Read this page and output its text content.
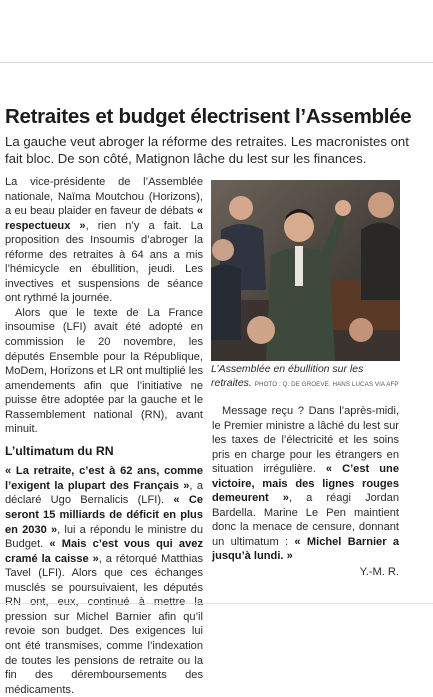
Retraites et budget électrisent l’Assemblée

La gauche veut abroger la réforme des retraites. Les macronistes ont fait bloc. De son côté, Matignon lâche du lest sur les finances.

La vice-présidente de l’Assemblée nationale, Naïma Moutchou (Horizons), a eu beau plaider en faveur de débats « respectueux », rien n’y a fait. La proposition des Insoumis d’abroger la réforme des retraites à 64 ans a mis l’hémicycle en ébullition, jeudi. Les invectives et suspensions de séance ont rythmé la journée.

Alors que le texte de La France insoumise (LFI) avait été adopté en commission le 20 novembre, les députés Ensemble pour la République, MoDem, Horizons et LR ont multiplié les amendements afin que l’initiative ne puisse être adoptée par la gauche et le Rassemblement national (RN), avant minuit.

L’ultimatum du RN

« La retraite, c’est à 62 ans, comme l’exigent la plupart des Français », a déclaré Ugo Bernalicis (LFI). « Ce seront 15 milliards de déficit en plus en 2030 », lui a répondu le ministre du Budget. « Mais c’est vous qui avez cramé la caisse », a rétorqué Matthias Tavel (LFI). Alors que ces échanges musclés se poursuivaient, les députés pression sur Michel Barnier afin qu’il revoie son budget. Des exigences lui ont été transmises, comme l’indexation de toutes les pensions de retraite ou la fin des déremboursements des médicaments.

L’Assemblée en ébullition sur les retraites. PHOTO : Q. DE GROEVE. HANS LUCAS VIA AFP

Message reçu ? Dans l’après-midi, le Premier ministre a lâché du lest sur les taxes de l’électricité et les soins pris en charge pour les étrangers en situation irrégulière. « C’est une victoire, mais des lignes rouges demeurent », a réagi Jordan Bardella. Marine Le Pen maintient donc la menace de censure, donnant un ultimatum : « Michel Barnier a jusqu’à lundi. »

Y.-M. R.
